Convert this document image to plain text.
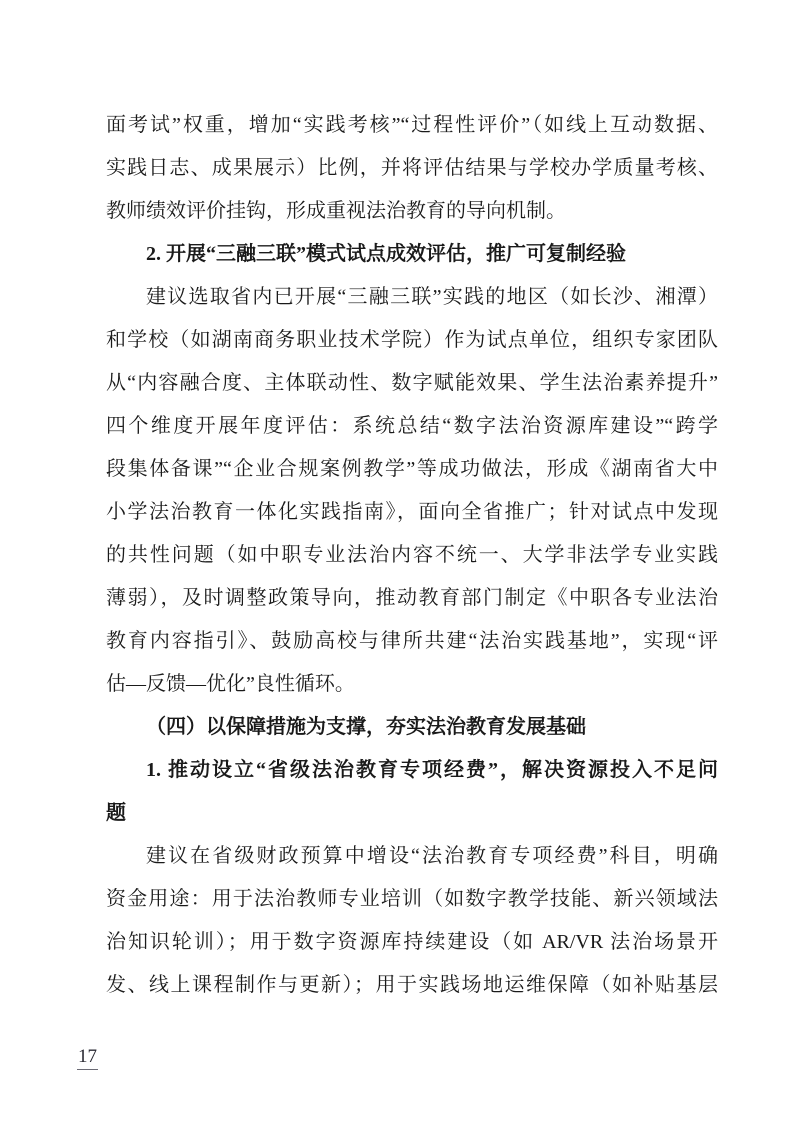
面考试”权重，增加“实践考核”“过程性评价”（如线上互动数据、
实践日志、成果展示）比例，并将评估结果与学校办学质量考核、
教师绩效评价挂钩，形成重视法治教育的导向机制。
2. 开展“三融三联”模式试点成效评估，推广可复制经验
建议选取省内已开展“三融三联”实践的地区（如长沙、湘潭）
和学校（如湖南商务职业技术学院）作为试点单位，组织专家团队
从“内容融合度、主体联动性、数字赋能效果、学生法治素养提升”
四个维度开展年度评估：系统总结“数字法治资源库建设”“跨学
段集体备课”“企业合规案例教学”等成功做法，形成《湖南省大中
小学法治教育一体化实践指南》，面向全省推广；针对试点中发现
的共性问题（如中职专业法治内容不统一、大学非法学专业实践
薄弱），及时调整政策导向，推动教育部门制定《中职各专业法治
教育内容指引》、鼓励高校与律所共建“法治实践基地”，实现“评
估—反馈—优化”良性循环。
（四）以保障措施为支撑，夯实法治教育发展基础
1. 推动设立“省级法治教育专项经费”，解决资源投入不足问
题
建议在省级财政预算中增设“法治教育专项经费”科目，明确
资金用途：用于法治教师专业培训（如数字教学技能、新兴领域法
治知识轮训）；用于数字资源库持续建设（如 AR/VR 法治场景开
发、线上课程制作与更新）；用于实践场地运维保障（如补贴基层
17
